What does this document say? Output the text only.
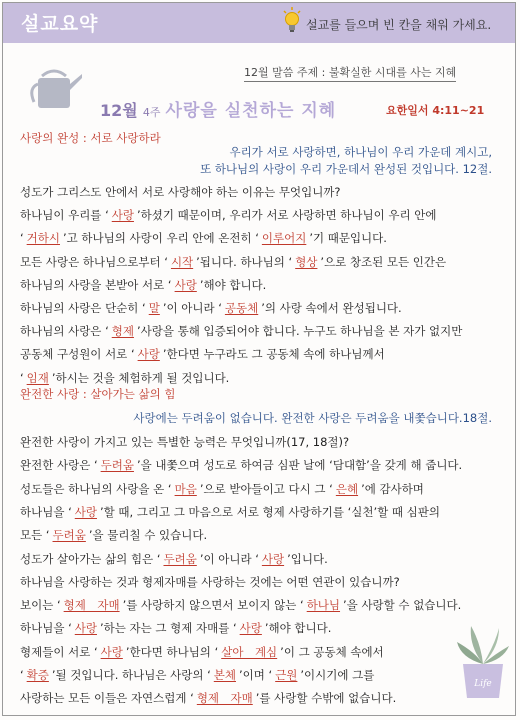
설교요약	설교를 들으며 빈 칸을 채워 가세요.
12월 말씀 주제 : 불확실한 시대를 사는 지혜
12월 4주 사랑을 실천하는 지혜	요한일서 4:11~21
사랑의 완성 : 서로 사랑하라
우리가 서로 사랑하면, 하나님이 우리 가운데 계시고,
또 하나님의 사랑이 우리 가운데서 완성된 것입니다. 12절.
성도가 그리스도 안에서 서로 사랑해야 하는 이유는 무엇입니까?
하나님이 우리를 ‘ 사랑 ’하셨기 때문이며, 우리가 서로 사랑하면 하나님이 우리 안에
‘ 거하시 ’고 하나님의 사랑이 우리 안에 온전히 ‘ 이루어지 ’기 때문입니다.
모든 사랑은 하나님으로부터 ‘ 시작 ’됩니다. 하나님의 ‘ 형상 ’으로 창조된 모든 인간은
하나님의 사랑을 본받아 서로 ‘ 사랑 ’해야 합니다.
하나님의 사랑은 단순히 ‘ 말 ’이 아니라 ‘ 공동체 ’의 사랑 속에서 완성됩니다.
하나님의 사랑은 ‘ 형제 ’사랑을 통해 입증되어야 합니다. 누구도 하나님을 본 자가 없지만
공동체 구성원이 서로 ‘ 사랑 ’한다면 누구라도 그 공동체 속에 하나님께서
‘ 임재 ’하시는 것을 체험하게 될 것입니다.
완전한 사랑 : 살아가는 삶의 힘
사랑에는 두려움이 없습니다. 완전한 사랑은 두려움을 내쫓습니다.18절.
완전한 사랑이 가지고 있는 특별한 능력은 무엇입니까(17, 18절)?
완전한 사랑은 ‘ 두려움 ’을 내쫓으며 성도로 하여금 심판 날에 ‘담대함’을 갖게 해 줍니다.
성도들은 하나님의 사랑을 온 ‘ 마음 ’으로 받아들이고 다시 그 ‘ 은혜 ’에 감사하며
하나님을 ‘ 사랑 ’할 때, 그리고 그 마음으로 서로 형제 사랑하기를 ‘실천’할 때 심판의
모든 ‘ 두려움 ’을 물리칠 수 있습니다.
성도가 살아가는 삶의 힘은 ‘ 두려움 ’이 아니라 ‘ 사랑 ’입니다.
하나님을 사랑하는 것과 형제자매를 사랑하는 것에는 어떤 연관이 있습니까?
보이는 ‘ 형제　자매 ’를 사랑하지 않으면서 보이지 않는 ‘ 하나님 ’을 사랑할 수 없습니다.
하나님을 ‘ 사랑 ’하는 자는 그 형제 자매를 ‘ 사랑 ’해야 합니다.
형제들이 서로 ‘ 사랑 ’한다면 하나님의 ‘ 살아　계심 ’이 그 공동체 속에서
‘ 확증 ’될 것입니다. 하나님은 사랑의 ‘ 본체 ’이며 ‘ 근원 ’이시기에 그를
사랑하는 모든 이들은 자연스럽게 ‘ 형제　자매 ’를 사랑할 수밖에 없습니다.
Life
